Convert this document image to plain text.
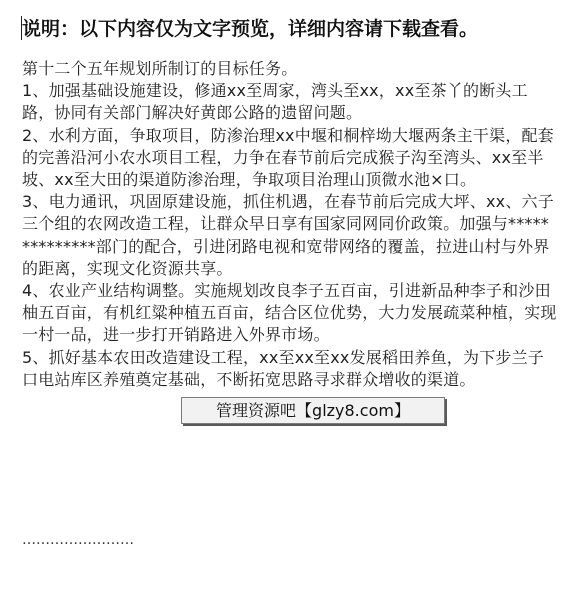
说明：以下内容仅为文字预览，详细内容请下载查看。

第十二个五年规划所制订的目标任务。

1、加强基础设施建设，修通xx至周家，湾头至xx，xx至茶丫的断头工路，协同有关部门解决好黄郎公路的遗留问题。

2、水利方面，争取项目，防渗治理xx中堰和桐梓坳大堰两条主干渠，配套的完善沿河小农水项目工程，力争在春节前后完成猴子沟至湾头、xx至半坡、xx至大田的渠道防渗治理，争取项目治理山顶微水池×口。

3、电力通讯，巩固原建设施，抓住机遇，在春节前后完成大坪、xx、六子三个组的农网改造工程，让群众早日享有国家同网同价政策。加强与**************部门的配合，引进闭路电视和宽带网络的覆盖，拉进山村与外界的距离，实现文化资源共享。

4、农业产业结构调整。实施规划改良李子五百亩，引进新品种李子和沙田柚五百亩，有机红粱种植五百亩，结合区位优势，大力发展疏菜种植，实现一村一品，进一步打开销路进入外界市场。

5、抓好基本农田改造建设工程，xx至xx至xx发展稻田养鱼，为下步兰子口电站库区养殖奠定基础，不断拓宽思路寻求群众增收的渠道。

……………………
管理资源吧【glzy8.com】
